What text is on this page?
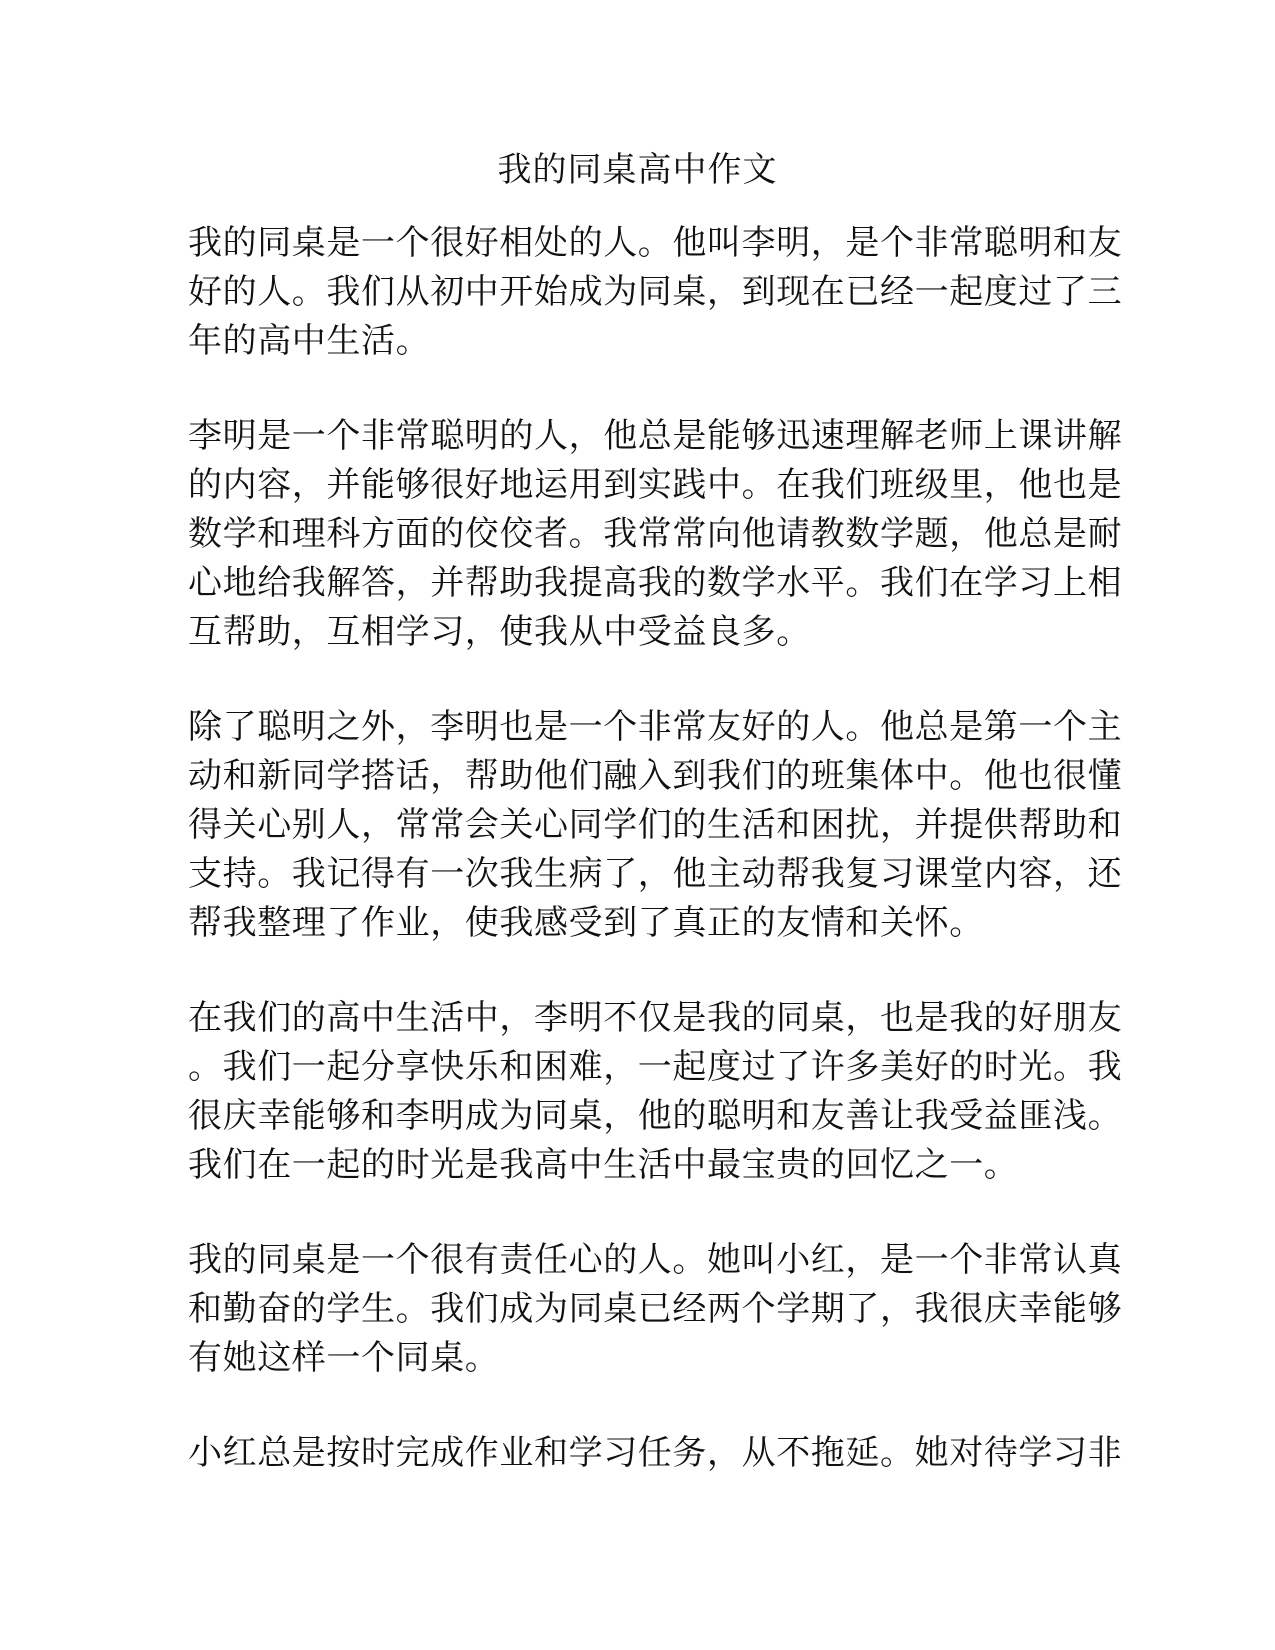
我的同桌高中作文
我的同桌是一个很好相处的人。他叫李明，是个非常聪明和友
好的人。我们从初中开始成为同桌，到现在已经一起度过了三
年的高中生活。
李明是一个非常聪明的人，他总是能够迅速理解老师上课讲解
的内容，并能够很好地运用到实践中。在我们班级里，他也是
数学和理科方面的佼佼者。我常常向他请教数学题，他总是耐
心地给我解答，并帮助我提高我的数学水平。我们在学习上相
互帮助，互相学习，使我从中受益良多。
除了聪明之外，李明也是一个非常友好的人。他总是第一个主
动和新同学搭话，帮助他们融入到我们的班集体中。他也很懂
得关心别人，常常会关心同学们的生活和困扰，并提供帮助和
支持。我记得有一次我生病了，他主动帮我复习课堂内容，还
帮我整理了作业，使我感受到了真正的友情和关怀。
在我们的高中生活中，李明不仅是我的同桌，也是我的好朋友
。我们一起分享快乐和困难，一起度过了许多美好的时光。我
很庆幸能够和李明成为同桌，他的聪明和友善让我受益匪浅。
我们在一起的时光是我高中生活中最宝贵的回忆之一。
我的同桌是一个很有责任心的人。她叫小红，是一个非常认真
和勤奋的学生。我们成为同桌已经两个学期了，我很庆幸能够
有她这样一个同桌。
小红总是按时完成作业和学习任务，从不拖延。她对待学习非
